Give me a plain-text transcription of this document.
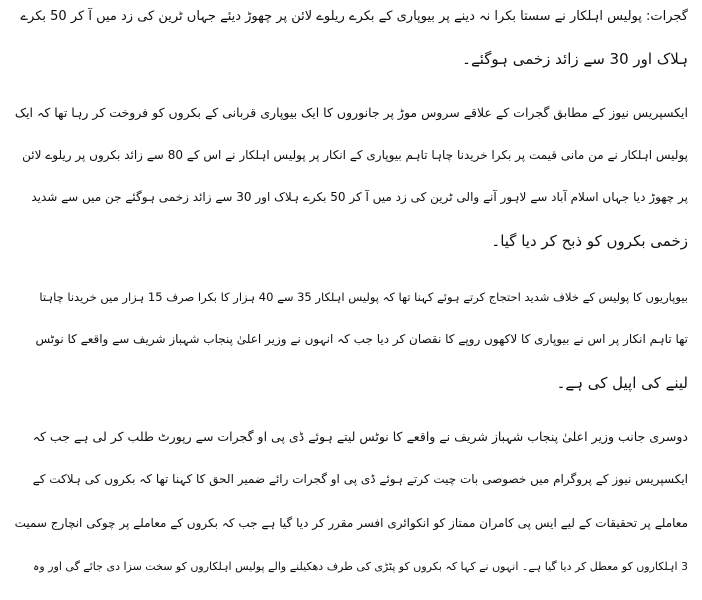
گجرات: پولیس اہلکار نے سستا بکرا نہ دینے پر بیوپاری کے بکرے ریلوے لائن پر چھوڑ دیئے جہاں ٹرین کی زد میں آ کر 50 بکرے
ہلاک اور 30 سے زائد زخمی ہوگئے۔
ایکسپریس نیوز کے مطابق گجرات کے علاقے سروس موڑ پر جانوروں کا ایک بیوپاری قربانی کے بکروں کو فروخت کر رہا تھا کہ ایک
پولیس اہلکار نے من مانی قیمت پر بکرا خریدنا چاہا تاہم بیوپاری کے انکار پر پولیس اہلکار نے اس کے 80 سے زائد بکروں پر ریلوے لائن
پر چھوڑ دیا جہاں اسلام آباد سے لاہور آنے والی ٹرین کی زد میں آ کر 50 بکرے ہلاک اور 30 سے زائد زخمی ہوگئے جن میں سے شدید
زخمی بکروں کو ذبح کر دیا گیا۔
بیوپاریوں کا پولیس کے خلاف شدید احتجاج کرتے ہوئے کہنا تھا کہ پولیس اہلکار 35 سے 40 ہزار کا بکرا صرف 15 ہزار میں خریدنا چاہتا
تھا تاہم انکار پر اس نے بیوپاری کا لاکھوں روپے کا نقصان کر دیا جب کہ انہوں نے وزیر اعلیٰ پنجاب شہباز شریف سے واقعے کا نوٹس
لینے کی اپیل کی ہے۔
دوسری جانب وزیر اعلیٰ پنجاب شہباز شریف نے واقعے کا نوٹس لیتے ہوئے ڈی پی او گجرات سے رپورٹ طلب کر لی ہے جب کہ
ایکسپریس نیوز کے پروگرام میں خصوصی بات چیت کرتے ہوئے ڈی پی او گجرات رائے ضمیر الحق کا کہنا تھا کہ بکروں کی ہلاکت کے
معاملے پر تحقیقات کے لیے ایس پی کامران ممتاز کو انکوائری افسر مقرر کر دیا گیا ہے جب کہ بکروں کے معاملے پر چوکی انچارج سمیت
3 اہلکاروں کو معطل کر دیا گیا ہے۔ انہوں نے کہا کہ بکروں کو پٹڑی کی طرف دھکیلنے والے پولیس اہلکاروں کو سخت سزا دی جائے گی اور وہ
